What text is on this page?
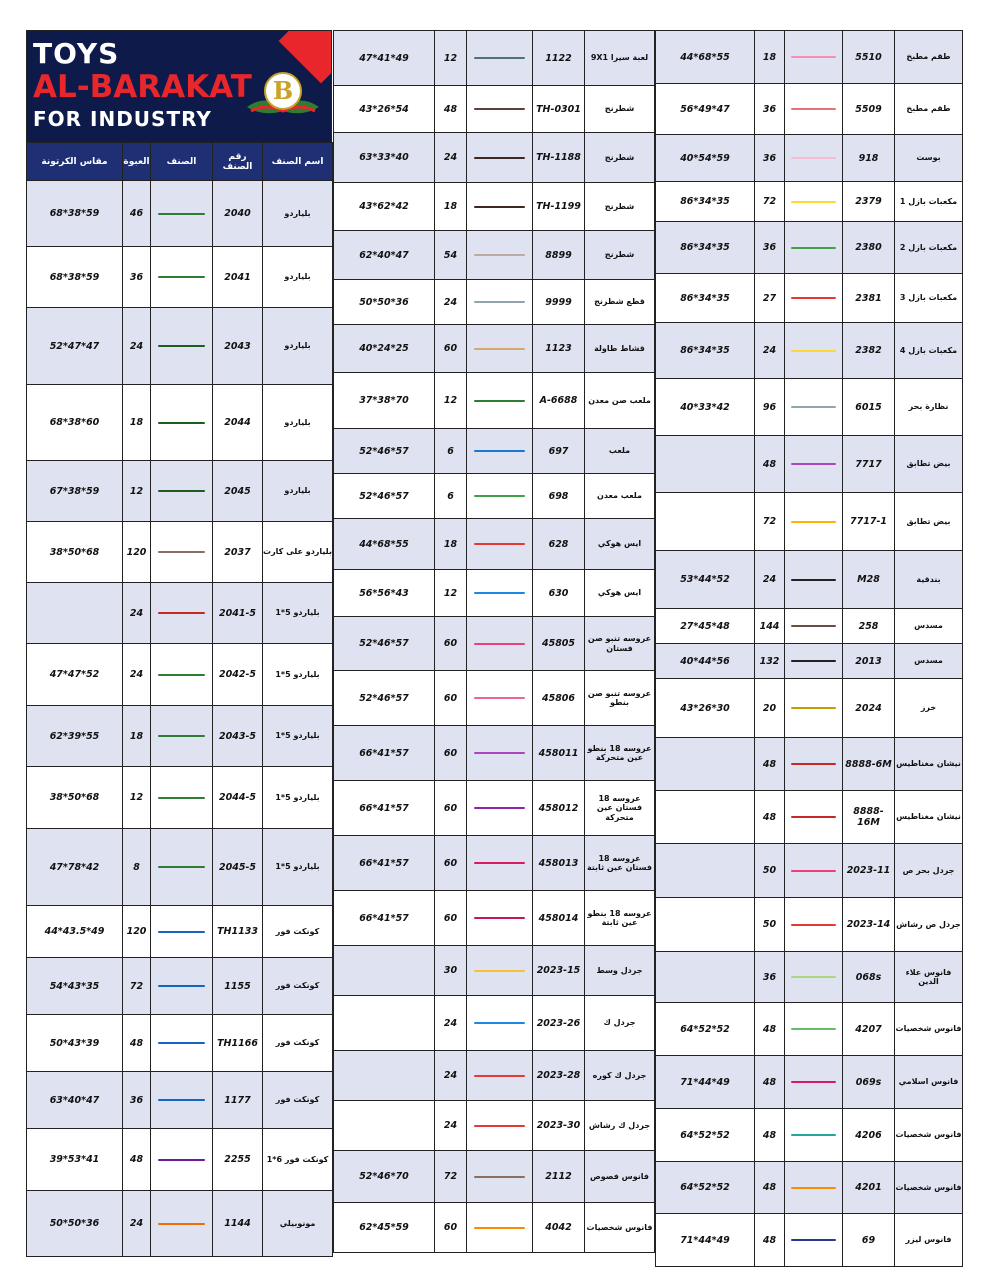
TOYS
AL-BARAKAT
FOR INDUSTRY
B
مقاس الكرتونة	العبوة	الصنف	رقم الصنف	اسم الصنف
68*38*59	46		2040	بلياردو
68*38*59	36		2041	بلياردو
52*47*47	24		2043	بلياردو
68*38*60	18		2044	بلياردو
67*38*59	12		2045	بلياردو
38*50*68	120		2037	بلياردو على كارت
	24		2041-5	بلياردو 5*1
47*47*52	24		2042-5	بلياردو 5*1
62*39*55	18		2043-5	بلياردو 5*1
38*50*68	12		2044-5	بلياردو 5*1
47*78*42	8		2045-5	بلياردو 5*1
44*43.5*49	120		TH1133	كونكت فور
54*43*35	72		1155	كونكت فور
50*43*39	48		TH1166	كونكت فور
63*40*47	36		1177	كونكت فور
39*53*41	48		2255	كونكت فور 6*1
50*50*36	24		1144	مونوبيلي
47*41*49	12		1122	لعبة سيرا 9X1
43*26*54	48		TH-0301	شطرنج
63*33*40	24		TH-1188	شطرنج
43*62*42	18		TH-1199	شطرنج
62*40*47	54		8899	شطرنج
50*50*36	24		9999	قطع شطرنج
40*24*25	60		1123	قشاط طاولة
37*38*70	12		A-6688	ملعب صن معدن
52*46*57	6		697	ملعب
52*46*57	6		698	ملعب معدن
44*68*55	18		628	ايس هوكي
56*56*43	12		630	ايس هوكي
52*46*57	60		45805	عروسه تنبو صن فستان
52*46*57	60		45806	عروسه تنبو صن بنطو
66*41*57	60		458011	عروسه 18 بنطو عين متحركة
66*41*57	60		458012	عروسه 18 فستان عين متحركة
66*41*57	60		458013	عروسه 18 فستان عين ثابتة
66*41*57	60		458014	عروسه 18 بنطو عين ثابتة
	30		2023-15	جردل وسط
	24		2023-26	جردل ك
	24		2023-28	جردل ك كوره
	24		2023-30	جردل ك رشاش
52*46*70	72		2112	فانوس فصوص
62*45*59	60		4042	فانوس شخصيات
44*68*55	18		5510	طقم مطبخ
56*49*47	36		5509	طقم مطبخ
40*54*59	36		918	بوست
86*34*35	72		2379	مكعبات بازل 1
86*34*35	36		2380	مكعبات بازل 2
86*34*35	27		2381	مكعبات بازل 3
86*34*35	24		2382	مكعبات بازل 4
40*33*42	96		6015	نظارة بحر
	48		7717	بيض تطابق
	72		7717-1	بيض تطابق
53*44*52	24		M28	بندقية
27*45*48	144		258	مسدس
40*44*56	132		2013	مسدس
43*26*30	20		2024	خرز
	48		8888-6M	نيشان مغناطيس
	48		8888-16M	نيشان مغناطيس
	50		2023-11	جردل بحر ص
	50		2023-14	جردل ص رشاش
	36		068s	فانوس علاء الدين
64*52*52	48		4207	فانوس شخصيات
71*44*49	48		069s	فانوس اسلامي
64*52*52	48		4206	فانوس شخصيات
64*52*52	48		4201	فانوس شخصيات
71*44*49	48		69	فانوس ليزر
